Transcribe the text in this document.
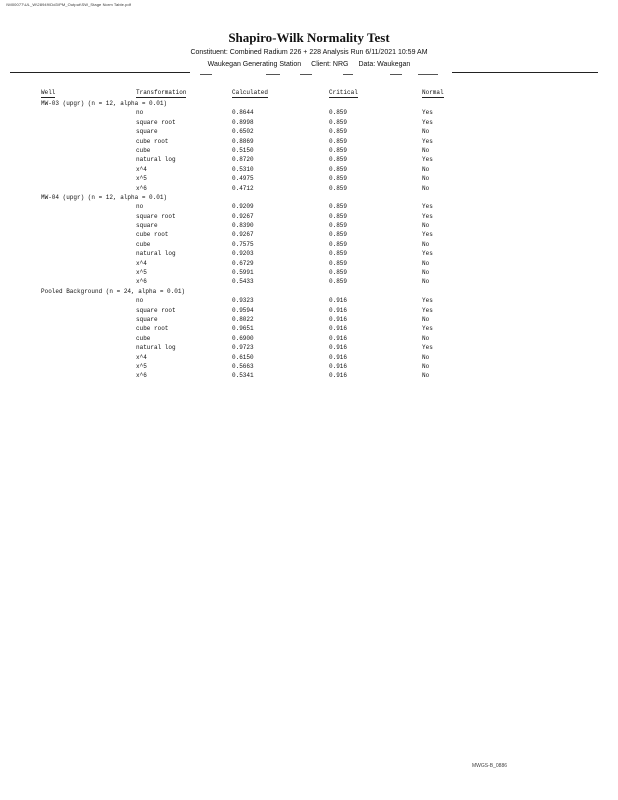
\\M00077\UL_W\28949\Dd3\PM_Output\SW_Stage Norm Table.pdf
Shapiro-Wilk Normality Test
Constituent: Combined Radium 226 + 228 Analysis Run 6/11/2021 10:59 AM
Waukegan Generating Station Client: NRG Data: Waukegan
Well	Transformation	Calculated	Critical	Normal
MW-03 (upgr) (n = 12, alpha = 0.01)
no	0.8644	0.859	Yes
square root	0.8998	0.859	Yes
square	0.6502	0.859	No
cube root	0.8869	0.859	Yes
cube	0.5150	0.859	No
natural log	0.8720	0.859	Yes
x^4	0.5310	0.859	No
x^5	0.4975	0.859	No
x^6	0.4712	0.859	No
MW-04 (upgr) (n = 12, alpha = 0.01)
no	0.9209	0.859	Yes
square root	0.9267	0.859	Yes
square	0.8390	0.859	No
cube root	0.9267	0.859	Yes
cube	0.7575	0.859	No
natural log	0.9203	0.859	Yes
x^4	0.6729	0.859	No
x^5	0.5991	0.859	No
x^6	0.5433	0.859	No
Pooled Background (n = 24, alpha = 0.01)
no	0.9323	0.916	Yes
square root	0.9594	0.916	Yes
square	0.8022	0.916	No
cube root	0.9651	0.916	Yes
cube	0.6900	0.916	No
natural log	0.9723	0.916	Yes
x^4	0.6150	0.916	No
x^5	0.5663	0.916	No
x^6	0.5341	0.916	No
MWGS-B_0886
